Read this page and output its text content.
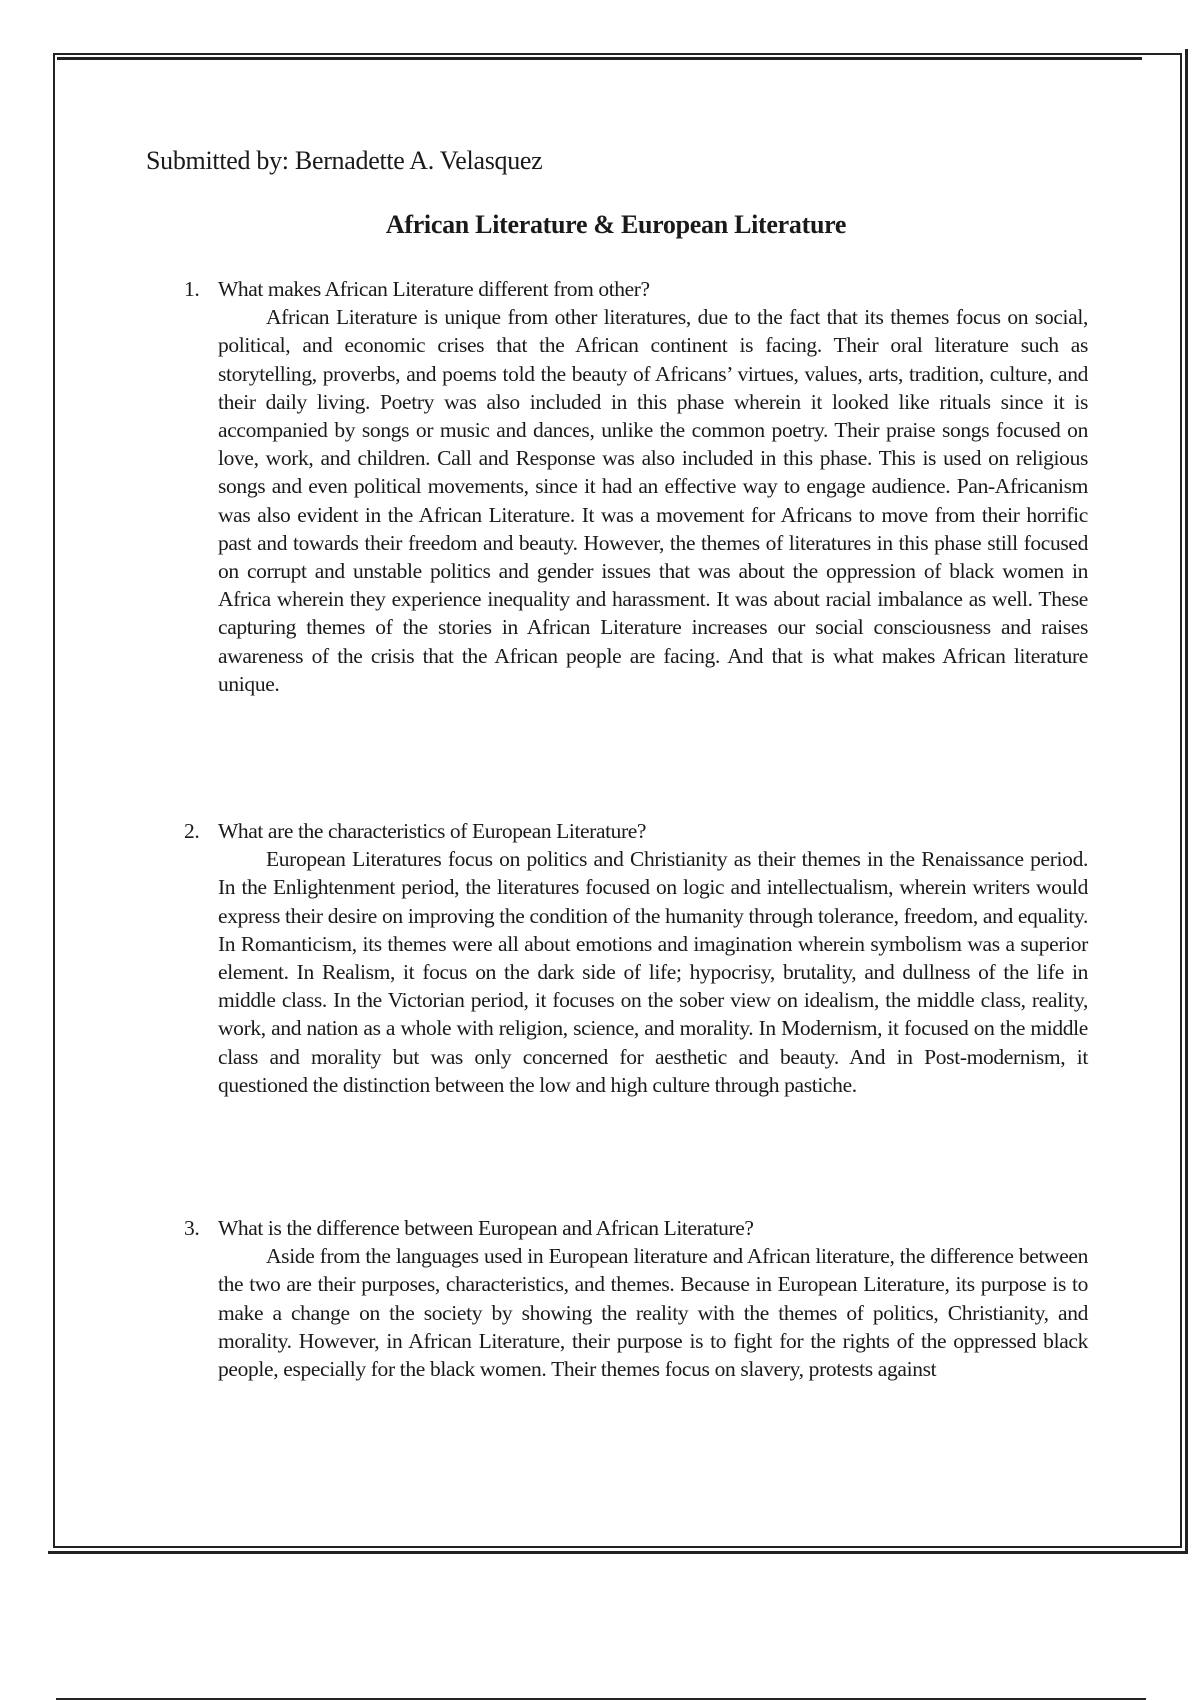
Submitted by: Bernadette A. Velasquez
African Literature & European Literature
1. What makes African Literature different from other?
African Literature is unique from other literatures, due to the fact that its themes focus on social, political, and economic crises that the African continent is facing. Their oral literature such as storytelling, proverbs, and poems told the beauty of Africans’ virtues, values, arts, tradition, culture, and their daily living. Poetry was also included in this phase wherein it looked like rituals since it is accompanied by songs or music and dances, unlike the common poetry. Their praise songs focused on love, work, and children. Call and Response was also included in this phase. This is used on religious songs and even political movements, since it had an effective way to engage audience. Pan-Africanism was also evident in the African Literature. It was a movement for Africans to move from their horrific past and towards their freedom and beauty. However, the themes of literatures in this phase still focused on corrupt and unstable politics and gender issues that was about the oppression of black women in Africa wherein they experience inequality and harassment. It was about racial imbalance as well. These capturing themes of the stories in African Literature increases our social consciousness and raises awareness of the crisis that the African people are facing. And that is what makes African literature unique.
2. What are the characteristics of European Literature?
European Literatures focus on politics and Christianity as their themes in the Renaissance period. In the Enlightenment period, the literatures focused on logic and intellectualism, wherein writers would express their desire on improving the condition of the humanity through tolerance, freedom, and equality. In Romanticism, its themes were all about emotions and imagination wherein symbolism was a superior element. In Realism, it focus on the dark side of life; hypocrisy, brutality, and dullness of the life in middle class. In the Victorian period, it focuses on the sober view on idealism, the middle class, reality, work, and nation as a whole with religion, science, and morality. In Modernism, it focused on the middle class and morality but was only concerned for aesthetic and beauty. And in Post-modernism, it questioned the distinction between the low and high culture through pastiche.
3. What is the difference between European and African Literature?
Aside from the languages used in European literature and African literature, the difference between the two are their purposes, characteristics, and themes. Because in European Literature, its purpose is to make a change on the society by showing the reality with the themes of politics, Christianity, and morality. However, in African Literature, their purpose is to fight for the rights of the oppressed black people, especially for the black women. Their themes focus on slavery, protests against
